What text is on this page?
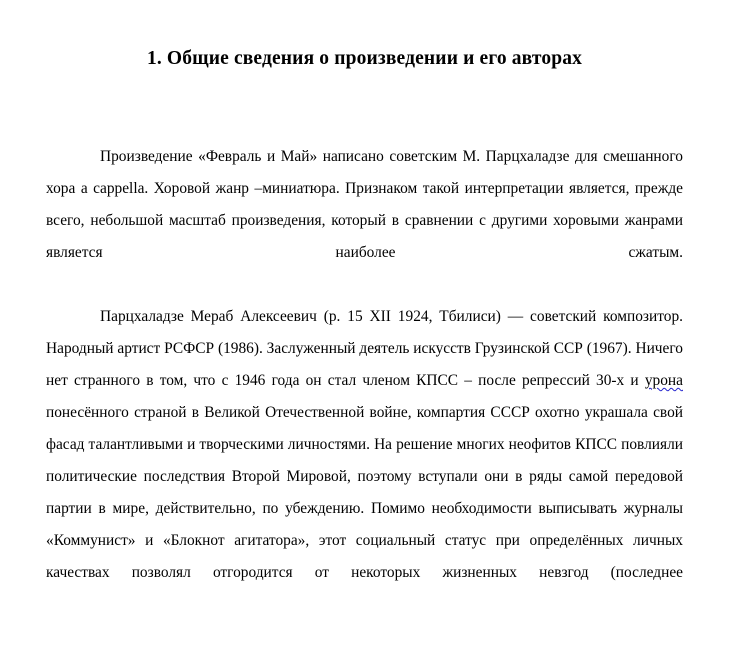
1. Общие сведения о произведении и его авторах

Произведение «Февраль и Май» написано советским М. Парцхаладзе для смешанного хора a cappella. Хоровой жанр –миниатюра. Признаком такой интерпретации является, прежде всего, небольшой масштаб произведения, который в сравнении с другими хоровыми жанрами является наиболее сжатым.

Парцхаладзе Мераб Алексеевич (р. 15 XII 1924, Тбилиси) — советский композитор. Народный артист РСФСР (1986). Заслуженный деятель искусств Грузинской ССР (1967). Ничего нет странного в том, что с 1946 года он стал членом КПСС – после репрессий 30-х и урона понесённого страной в Великой Отечественной войне, компартия СССР охотно украшала свой фасад талантливыми и творческими личностями. На решение многих неофитов КПСС повлияли политические последствия Второй Мировой, поэтому вступали они в ряды самой передовой партии в мире, действительно, по убеждению. Помимо необходимости выписывать журналы «Коммунист» и «Блокнот агитатора», этот социальный статус при определённых личных качествах позволял отгородится от некоторых жизненных невзгод (последнее
